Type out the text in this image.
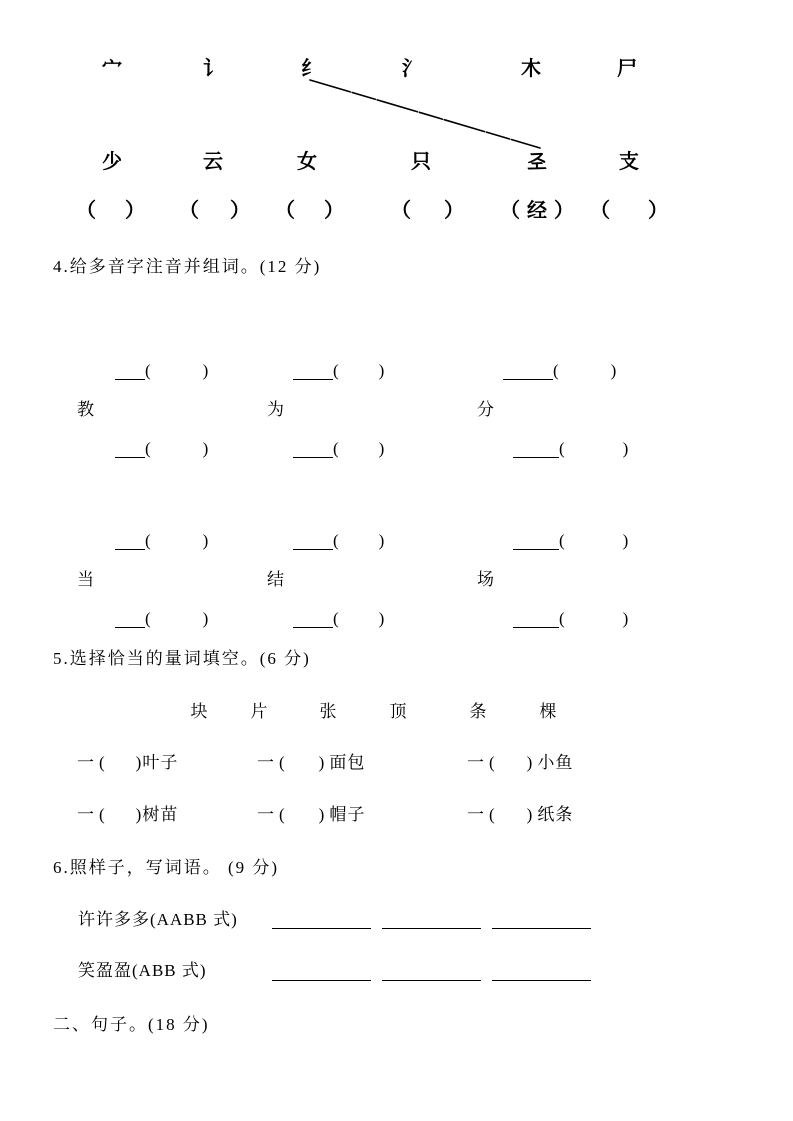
宀	讠	纟	氵	木	尸
少	云	女	只	𢀖	支
（ ） （ ） （ ） （ ） （ 经 ） （ ）
4.给多音字注音并组词。(12 分)
(	)	( )	(	)
教	为	分
(	)	( )	(	)
(	)	( )	(	)
当	结	场
(	)	( )	(	)
5.选择恰当的量词填空。(6 分)
块	片	张	顶	条	棵
一 ( ) 叶子	一 ( ) 面包	一 ( ) 小鱼
一 ( ) 树苗	一 ( ) 帽子	一 ( ) 纸条
6.照样子，写词语。 (9 分)
许许多多(AABB 式)
笑盈盈(ABB 式)
二、句子。(18 分)
